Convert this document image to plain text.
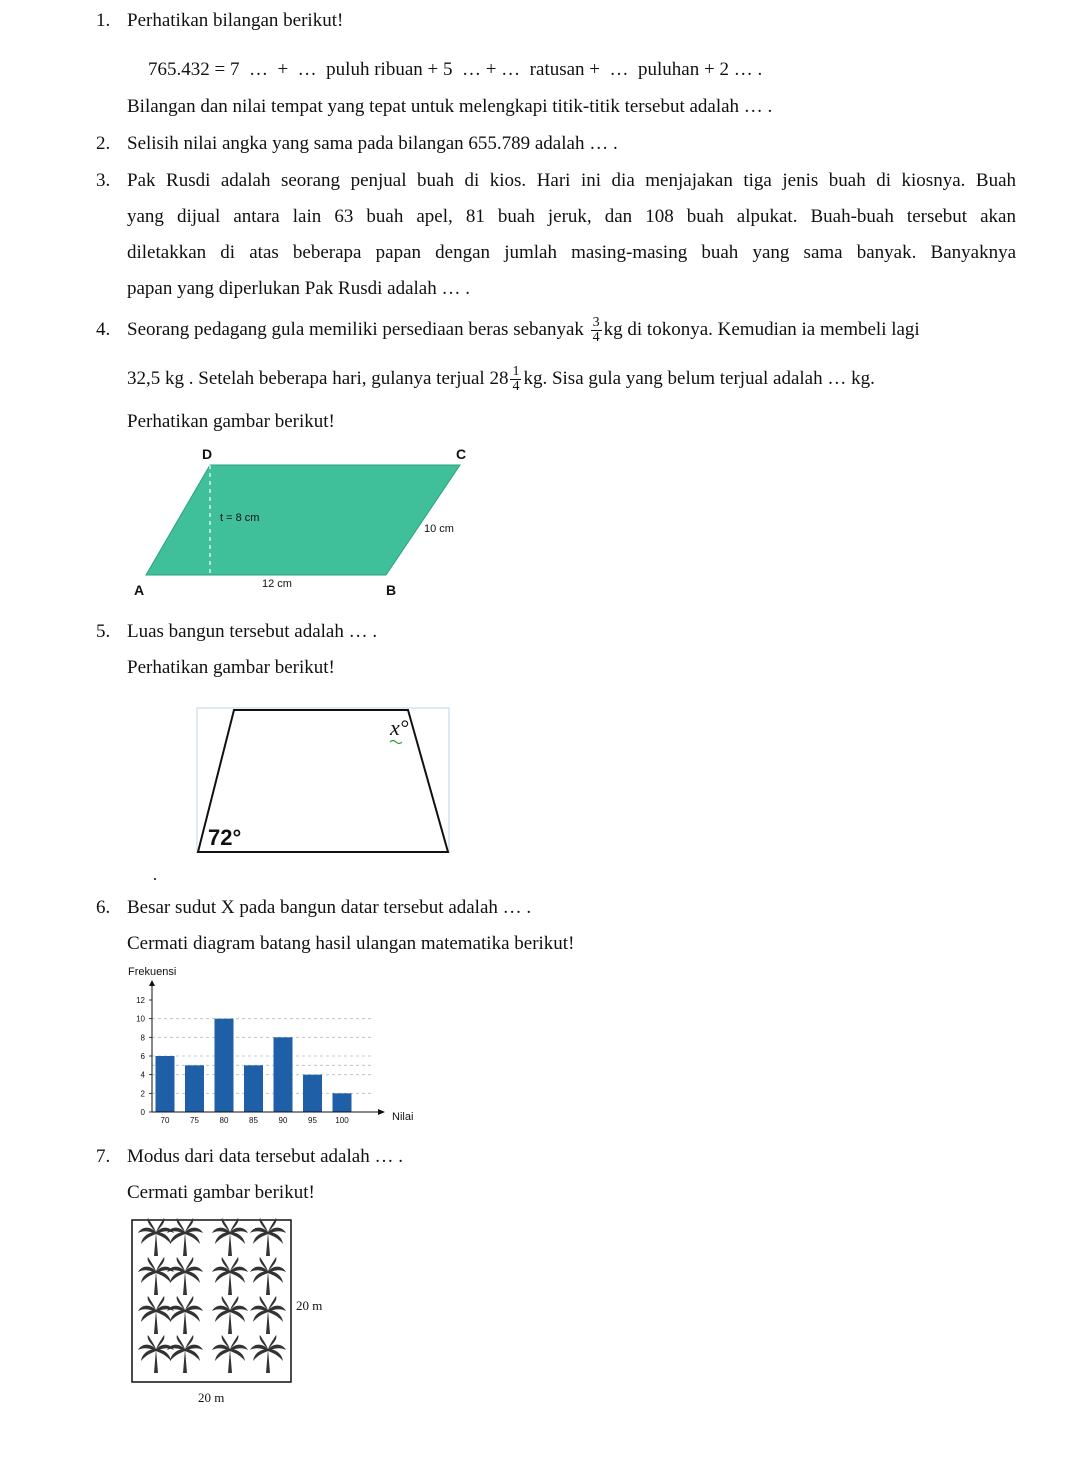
1. Perhatikan bilangan berikut!
765.432 = 7  …  +  …  puluh ribuan + 5  … + …  ratusan +  …  puluhan + 2 … .
Bilangan dan nilai tempat yang tepat untuk melengkapi titik-titik tersebut adalah … .
2. Selisih nilai angka yang sama pada bilangan 655.789 adalah … .
3. Pak Rusdi adalah seorang penjual buah di kios. Hari ini dia menjajakan tiga jenis buah di kiosnya. Buah
yang dijual antara lain 63 buah apel, 81 buah jeruk, dan 108 buah alpukat. Buah-buah tersebut akan
diletakkan di atas beberapa papan dengan jumlah masing-masing buah yang sama banyak. Banyaknya
papan yang diperlukan Pak Rusdi adalah … .
4. Seorang pedagang gula memiliki persediaan beras sebanyak $\frac{3}{4}$ kg di tokonya. Kemudian ia membeli lagi
32,5 kg . Setelah beberapa hari, gulanya terjual $28 \frac{1}{4}$ kg. Sisa gula yang belum terjual adalah … kg.
Perhatikan gambar berikut!
D	C
A	B
t = 8 cm
10 cm
12 cm
5. Luas bangun tersebut adalah … .
Perhatikan gambar berikut!
x°
72°
6. Besar sudut X pada bangun datar tersebut adalah … .
Cermati diagram batang hasil ulangan matematika berikut!
Frekuensi
Nilai
70	75	80	85	90	95 100
0
2
4
6
8
10
12
7. Modus dari data tersebut adalah … .
Cermati gambar berikut!
20 m
20 m
